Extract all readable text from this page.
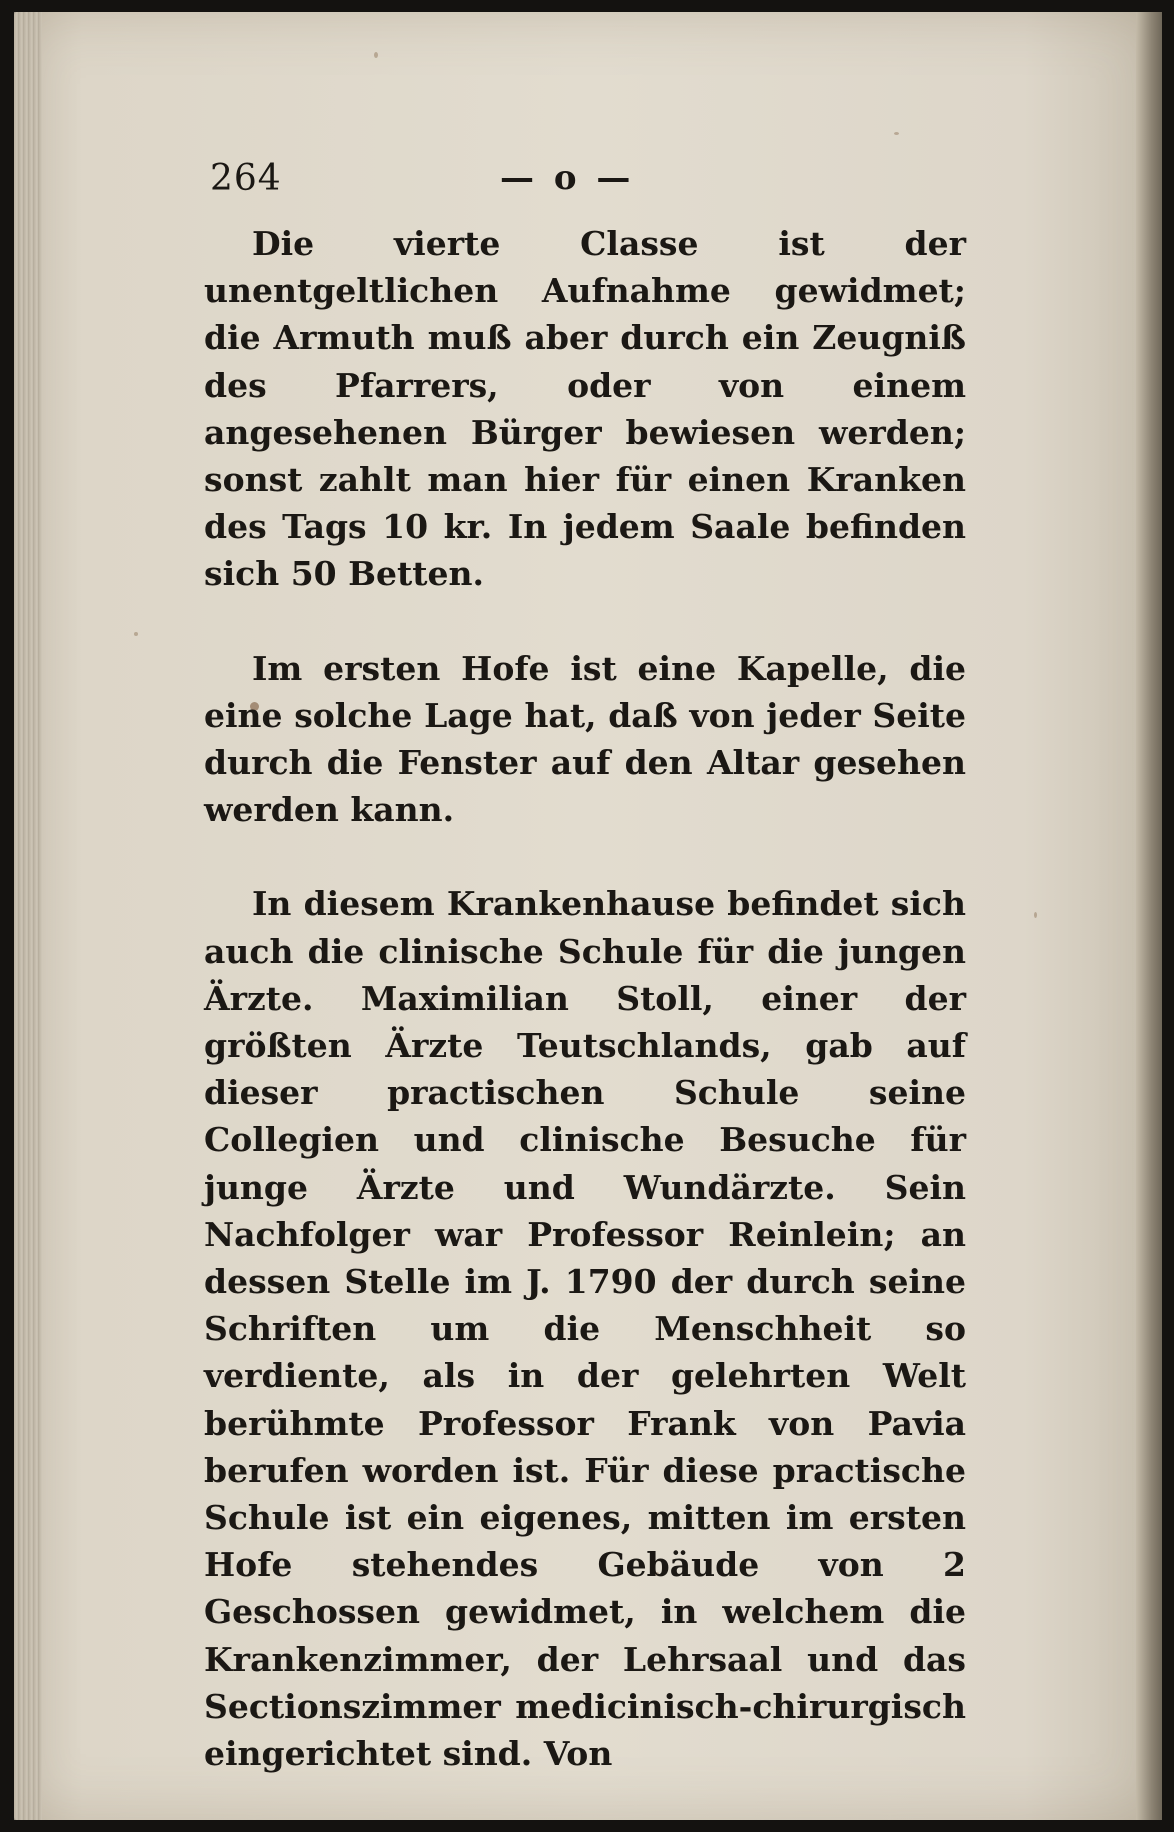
264	— o —

Die vierte Classe ist der unentgeltlichen Aufnahme gewidmet; die Armuth muß aber durch ein Zeugniß des Pfarrers, oder von einem angesehenen Bürger bewiesen werden; sonst zahlt man hier für einen Kranken des Tags 10 kr. In jedem Saale befinden sich 50 Betten.

Im ersten Hofe ist eine Kapelle, die eine solche Lage hat, daß von jeder Seite durch die Fenster auf den Altar gesehen werden kann.

In diesem Krankenhause befindet sich auch die clinische Schule für die jungen Ärzte. Maximilian Stoll, einer der größten Ärzte Teutschlands, gab auf dieser practischen Schule seine Collegien und clinische Besuche für junge Ärzte und Wundärzte. Sein Nachfolger war Professor Reinlein; an dessen Stelle im J. 1790 der durch seine Schriften um die Menschheit so verdiente, als in der gelehrten Welt berühmte Professor Frank von Pavia berufen worden ist. Für diese practische Schule ist ein eigenes, mitten im ersten Hofe stehendes Gebäude von 2 Geschossen gewidmet, in welchem die Krankenzimmer, der Lehrsaal und das Sectionszimmer medicinisch-chirurgisch eingerichtet sind. Von
